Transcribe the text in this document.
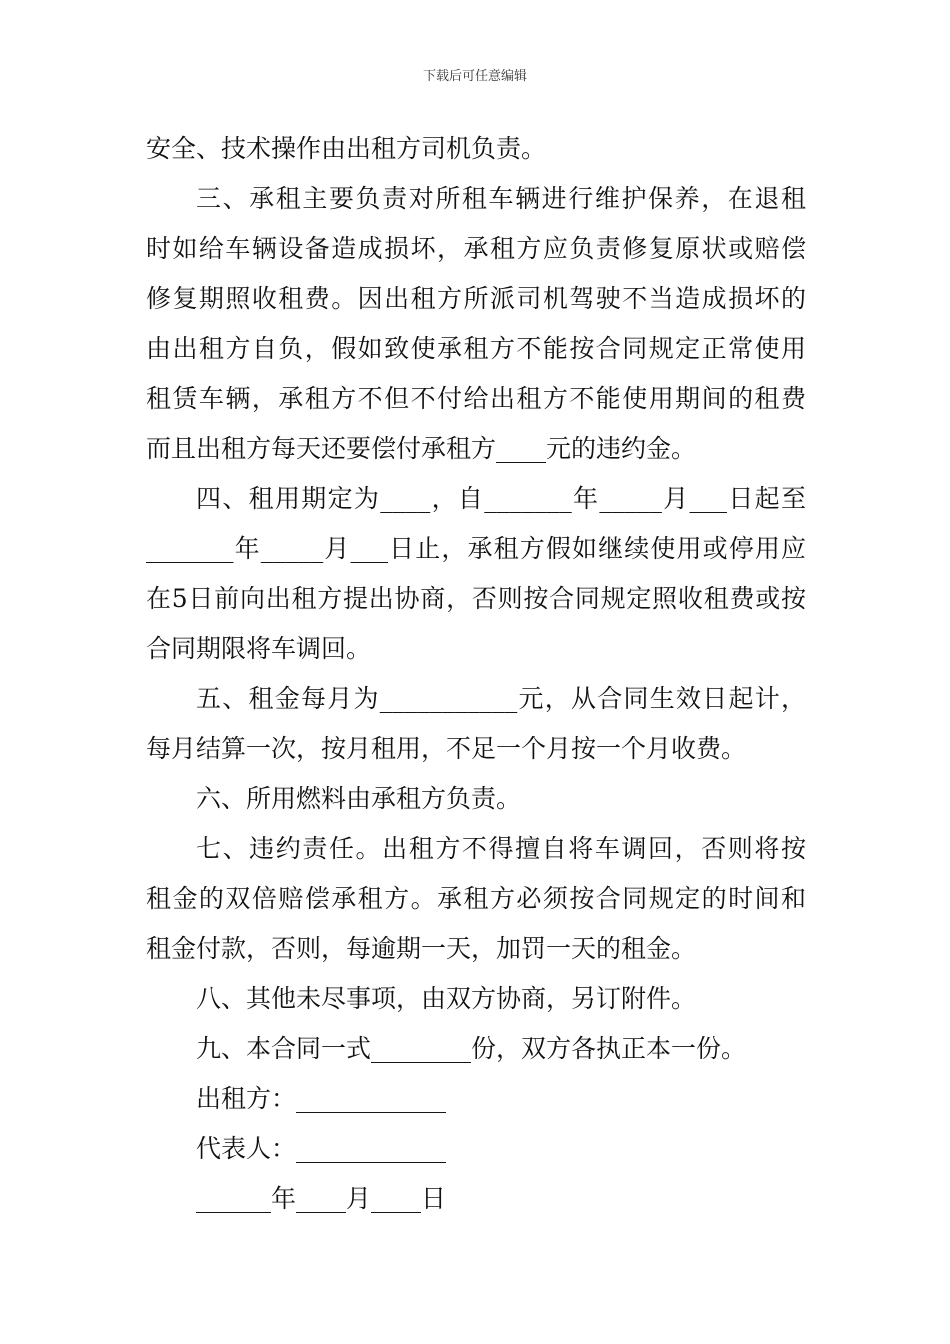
下载后可任意编辑
安全、技术操作由出租方司机负责。
三、承租主要负责对所租车辆进行维护保养，在退租
时如给车辆设备造成损坏，承租方应负责修复原状或赔偿
修复期照收租费。因出租方所派司机驾驶不当造成损坏的
由出租方自负，假如致使承租方不能按合同规定正常使用
租赁车辆，承租方不但不付给出租方不能使用期间的租费
而且出租方每天还要偿付承租方____元的违约金。
四、租用期定为____，自_______年_____月___日起至
_______年_____月___日止，承租方假如继续使用或停用应
在5日前向出租方提出协商，否则按合同规定照收租费或按
合同期限将车调回。
五、租金每月为___________元，从合同生效日起计，
每月结算一次，按月租用，不足一个月按一个月收费。
六、所用燃料由承租方负责。
七、违约责任。出租方不得擅自将车调回，否则将按
租金的双倍赔偿承租方。承租方必须按合同规定的时间和
租金付款，否则，每逾期一天，加罚一天的租金。
八、其他未尽事项，由双方协商，另订附件。
九、本合同一式________份，双方各执正本一份。
出租方：____________
代表人：____________
______年____月____日
